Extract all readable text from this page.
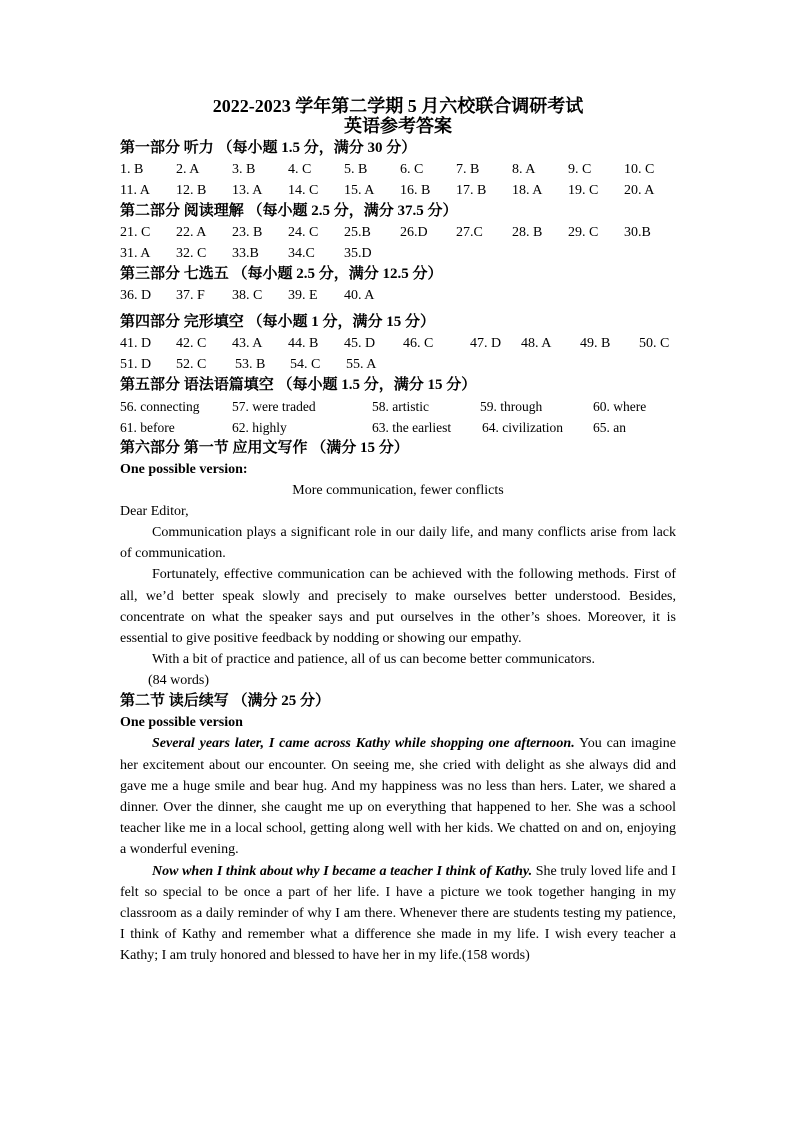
2022-2023 学年第二学期 5 月六校联合调研考试
英语参考答案
第一部分 听力 （每小题 1.5 分，满分 30 分）
1. B 2. A 3. B 4. C 5. B 6. C 7. B 8. A 9. C 10. C
11. A 12. B 13. A 14. C 15. A 16. B 17. B 18. A 19. C 20. A
第二部分 阅读理解 （每小题 2.5 分，满分 37.5 分）
21. C 22. A 23. B 24. C 25.B 26.D 27.C 28. B 29. C 30.B
31. A 32. C 33.B 34.C 35.D
第三部分 七选五 （每小题 2.5 分，满分 12.5 分）
36. D 37. F 38. C 39. E 40. A
第四部分 完形填空 （每小题 1 分，满分 15 分）
41. D 42. C 43. A 44. B 45. D 46. C	47. D 48. A 49. B 50. C
51. D 52. C 53. B 54. C 55. A
第五部分 语法语篇填空 （每小题 1.5 分，满分 15 分）
56. connecting 57. were traded	58. artistic	59. through	60. where
61. before	62. highly	63. the earliest 64. civilization 65. an
第六部分 第一节 应用文写作 （满分 15 分）
One possible version:
More communication, fewer conflicts

Dear Editor,

Communication plays a significant role in our daily life, and many conflicts arise from lack of communication.

Fortunately, effective communication can be achieved with the following methods. First of all, we’d better speak slowly and precisely to make ourselves better understood. Besides, concentrate on what the speaker says and put ourselves in the other’s shoes. Moreover, it is essential to give positive feedback by nodding or showing our empathy.

With a bit of practice and patience, all of us can become better communicators.

(84 words)
第二节 读后续写 （满分 25 分）
One possible version

Several years later, I came across Kathy while shopping one afternoon. You can imagine her excitement about our encounter. On seeing me, she cried with delight as she always did and gave me a huge smile and bear hug. And my happiness was no less than hers. Later, we shared a dinner. Over the dinner, she caught me up on everything that happened to her. She was a school teacher like me in a local school, getting along well with her kids. We chatted on and on, enjoying a wonderful evening.

Now when I think about why I became a teacher I think of Kathy. She truly loved life and I felt so special to be once a part of her life. I have a picture we took together hanging in my classroom as a daily reminder of why I am there. Whenever there are students testing my patience, I think of Kathy and remember what a difference she made in my life. I wish every teacher a Kathy; I am truly honored and blessed to have her in my life.(158 words)
